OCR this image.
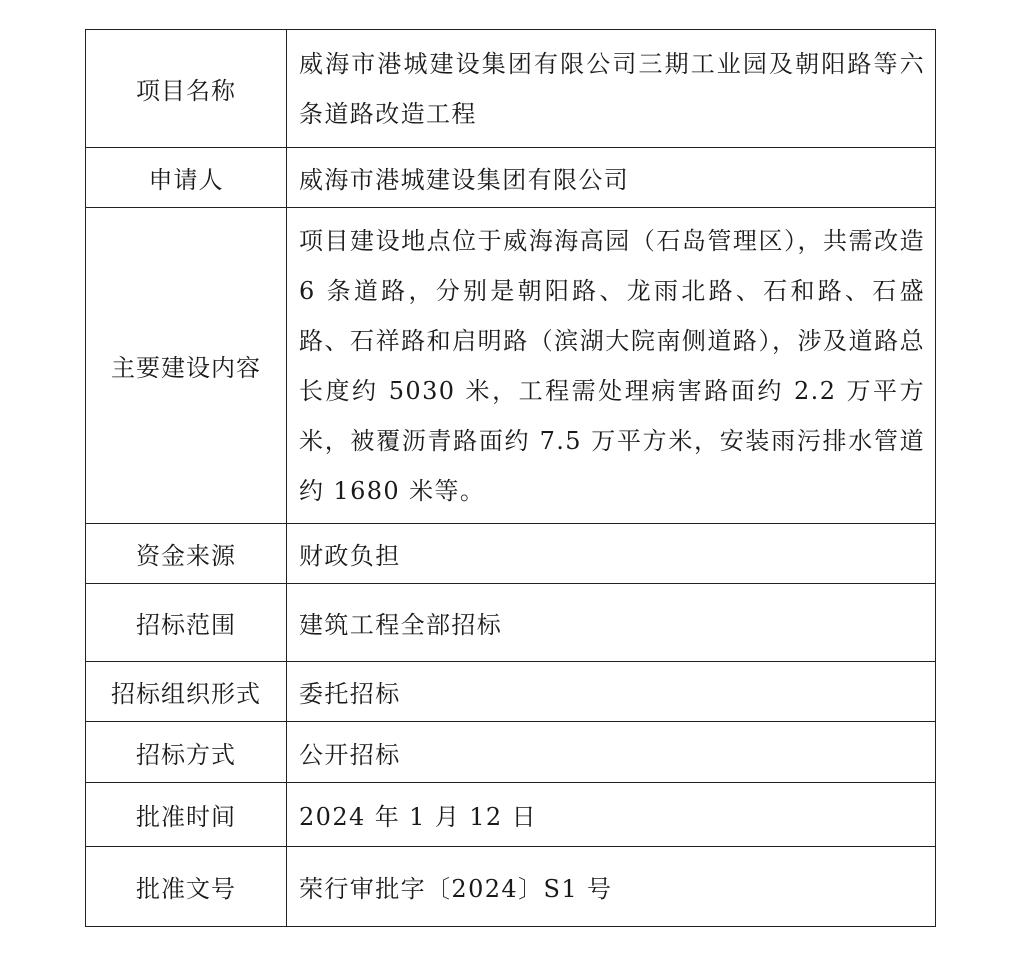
项目名称	威海市港城建设集团有限公司三期工业园及朝阳路等六条道路改造工程

申请人	威海市港城建设集团有限公司
主要建设内容	项目建设地点位于威海海高园（石岛管理区），共需改造 6 条道路，分别是朝阳路、龙雨北路、石和路、石盛路、石祥路和启明路（滨湖大院南侧道路），涉及道路总长度约 5030 米，工程需处理病害路面约 2.2 万平方米，被覆沥青路面约 7.5 万平方米，安装雨污排水管道约 1680 米等。

资金来源	财政负担
招标范围	建筑工程全部招标
招标组织形式	委托招标
招标方式	公开招标
批准时间	2024 年 1 月 12 日
批准文号	荣行审批字〔2024〕S1 号
